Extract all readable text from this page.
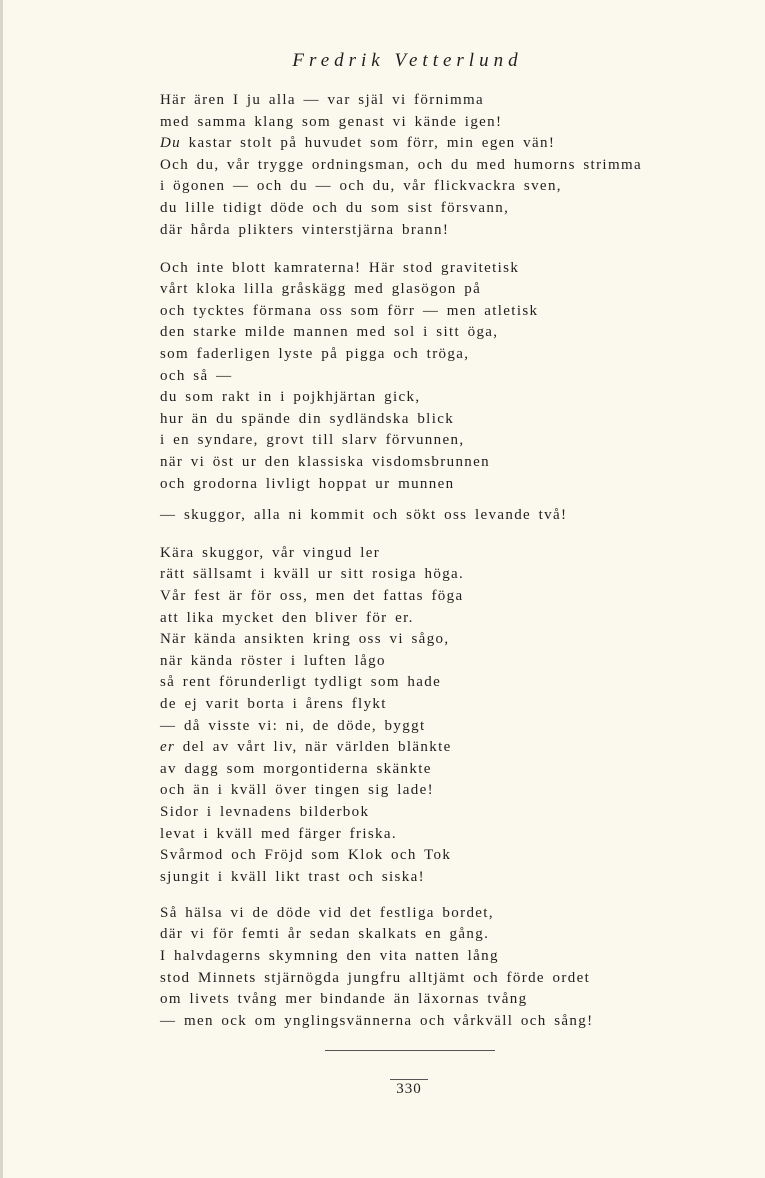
Fredrik Vetterlund
Här ären I ju alla — var själ vi förnimma
med samma klang som genast vi kände igen!
Du kastar stolt på huvudet som förr, min egen vän!
Och du, vår trygge ordningsman, och du med humorns strimma
i ögonen — och du — och du, vår flickvackra sven,
du lille tidigt döde och du som sist försvann,
där hårda plikters vinterstjärna brann!
Och inte blott kamraterna! Här stod gravitetisk
vårt kloka lilla gråskägg med glasögon på
och tycktes förmana oss som förr — men atletisk
den starke milde mannen med sol i sitt öga,
som faderligen lyste på pigga och tröga,
och så —
du som rakt in i pojkhjärtan gick,
hur än du spände din sydländska blick
i en syndare, grovt till slarv förvunnen,
när vi öst ur den klassiska visdomsbrunnen
och grodorna livligt hoppat ur munnen
— skuggor, alla ni kommit och sökt oss levande två!
Kära skuggor, vår vingud ler
rätt sällsamt i kväll ur sitt rosiga höga.
Vår fest är för oss, men det fattas föga
att lika mycket den bliver för er.
När kända ansikten kring oss vi sågo,
när kända röster i luften lågo
så rent förunderligt tydligt som hade
de ej varit borta i årens flykt
— då visste vi: ni, de döde, byggt
er del av vårt liv, när världen blänkte
av dagg som morgontiderna skänkte
och än i kväll över tingen sig lade!
Sidor i levnadens bilderbok
levat i kväll med färger friska.
Svårmod och Fröjd som Klok och Tok
sjungit i kväll likt trast och siska!
Så hälsa vi de döde vid det festliga bordet,
där vi för femti år sedan skalkats en gång.
I halvdagerns skymning den vita natten lång
stod Minnets stjärnögda jungfru alltjämt och förde ordet
om livets tvång mer bindande än läxornas tvång
— men ock om ynglingsvännerna och vårkväll och sång!
330
